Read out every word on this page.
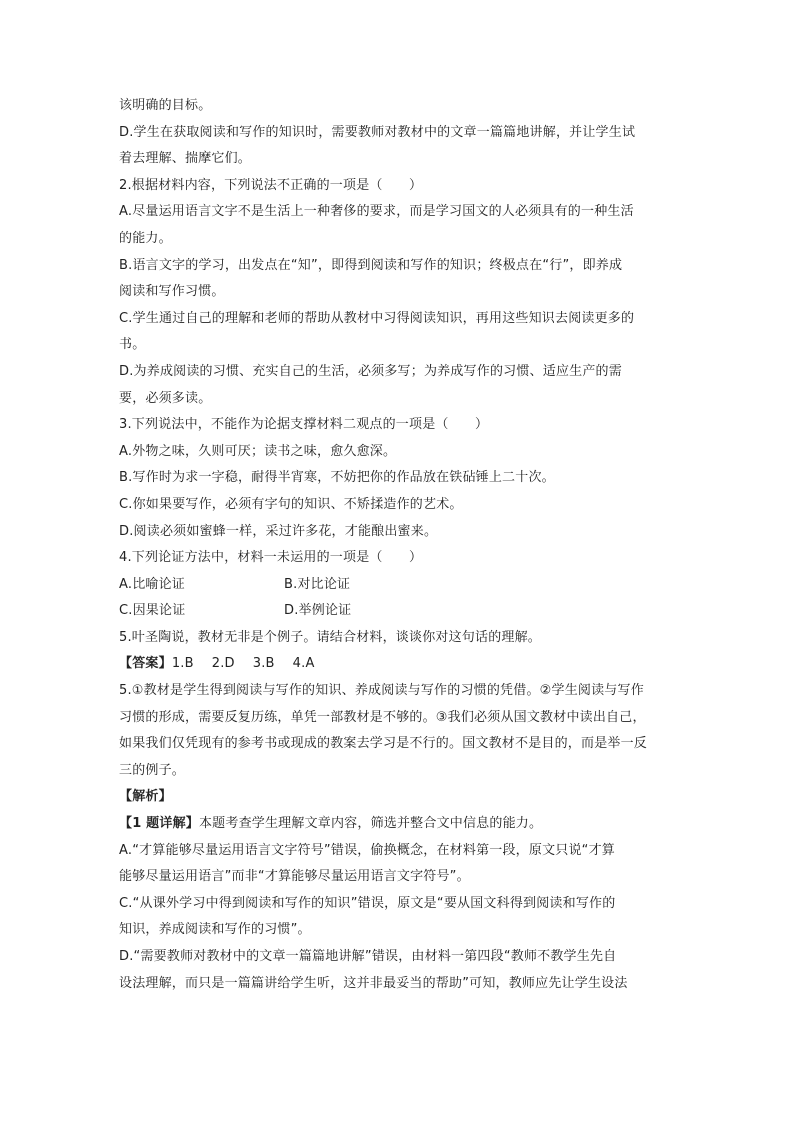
该明确的目标。
D.学生在获取阅读和写作的知识时，需要教师对教材中的文章一篇篇地讲解，并让学生试
着去理解、揣摩它们。
2.根据材料内容，下列说法不正确的一项是（　　）
A.尽量运用语言文字不是生活上一种奢侈的要求，而是学习国文的人必须具有的一种生活
的能力。
B.语言文字的学习，出发点在“知”，即得到阅读和写作的知识；终极点在“行”，即养成
阅读和写作习惯。
C.学生通过自己的理解和老师的帮助从教材中习得阅读知识，再用这些知识去阅读更多的
书。
D.为养成阅读的习惯、充实自己的生活，必须多写；为养成写作的习惯、适应生产的需
要，必须多读。
3.下列说法中，不能作为论据支撑材料二观点的一项是（　　）
A.外物之味，久则可厌；读书之味，愈久愈深。
B.写作时为求一字稳，耐得半宵寒，不妨把你的作品放在铁砧锤上二十次。
C.你如果要写作，必须有字句的知识、不矫揉造作的艺术。
D.阅读必须如蜜蜂一样，采过许多花，才能酿出蜜来。
4.下列论证方法中，材料一未运用的一项是（　　）
A.比喻论证	B.对比论证
C.因果论证	D.举例论证
5.叶圣陶说，教材无非是个例子。请结合材料，谈谈你对这句话的理解。
【答案】 1.B 2.D 3.B 4.A
5.①教材是学生得到阅读与写作的知识、养成阅读与写作的习惯的凭借。②学生阅读与写作
习惯的形成，需要反复历练，单凭一部教材是不够的。③我们必须从国文教材中读出自己，
如果我们仅凭现有的参考书或现成的教案去学习是不行的。国文教材不是目的，而是举一反
三的例子。
【解析】
【1 题详解】本题考查学生理解文章内容，筛选并整合文中信息的能力。
A.“才算能够尽量运用语言文字符号”错误，偷换概念，在材料第一段，原文只说“才算
能够尽量运用语言”而非“才算能够尽量运用语言文字符号”。
C.“从课外学习中得到阅读和写作的知识”错误，原文是“要从国文科得到阅读和写作的
知识，养成阅读和写作的习惯”。
D.“需要教师对教材中的文章一篇篇地讲解”错误，由材料一第四段“教师不教学生先自
设法理解，而只是一篇篇讲给学生听，这并非最妥当的帮助”可知，教师应先让学生设法
